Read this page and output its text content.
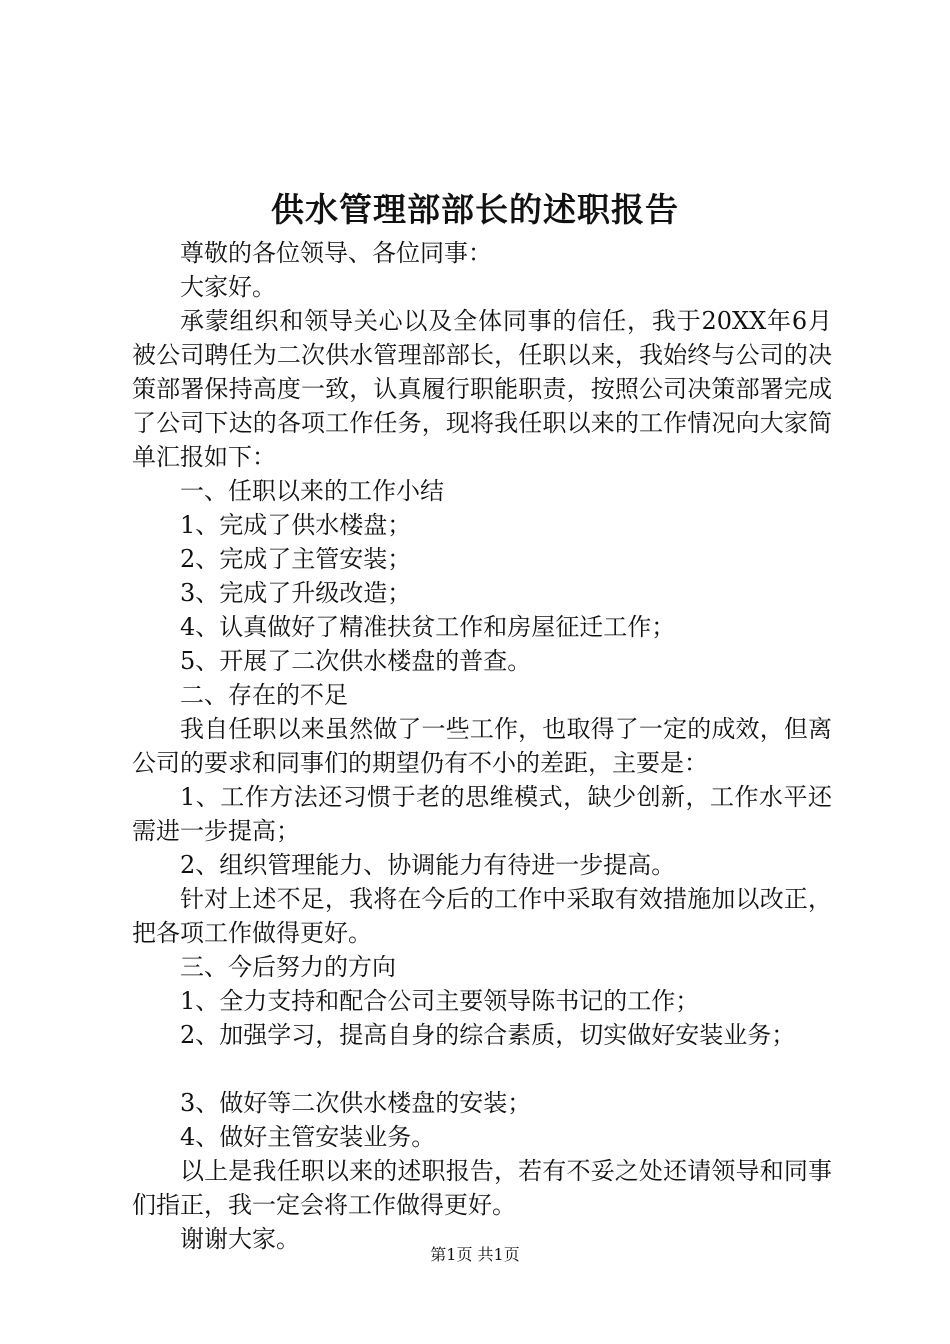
供水管理部部长的述职报告

尊敬的各位领导、各位同事：

大家好。

承蒙组织和领导关心以及全体同事的信任，我于20XX年6月被公司聘任为二次供水管理部部长，任职以来，我始终与公司的决策部署保持高度一致，认真履行职能职责，按照公司决策部署完成了公司下达的各项工作任务，现将我任职以来的工作情况向大家简单汇报如下：

一、任职以来的工作小结

1、完成了供水楼盘；

2、完成了主管安装；

3、完成了升级改造；

4、认真做好了精准扶贫工作和房屋征迁工作；

5、开展了二次供水楼盘的普查。

二、存在的不足

我自任职以来虽然做了一些工作，也取得了一定的成效，但离公司的要求和同事们的期望仍有不小的差距，主要是：

1、工作方法还习惯于老的思维模式，缺少创新，工作水平还需进一步提高；

2、组织管理能力、协调能力有待进一步提高。

针对上述不足，我将在今后的工作中采取有效措施加以改正，把各项工作做得更好。

三、今后努力的方向

1、全力支持和配合公司主要领导陈书记的工作；

2、加强学习，提高自身的综合素质，切实做好安装业务；

3、做好等二次供水楼盘的安装；

4、做好主管安装业务。

以上是我任职以来的述职报告，若有不妥之处还请领导和同事们指正，我一定会将工作做得更好。

谢谢大家。

第1页 共1页
